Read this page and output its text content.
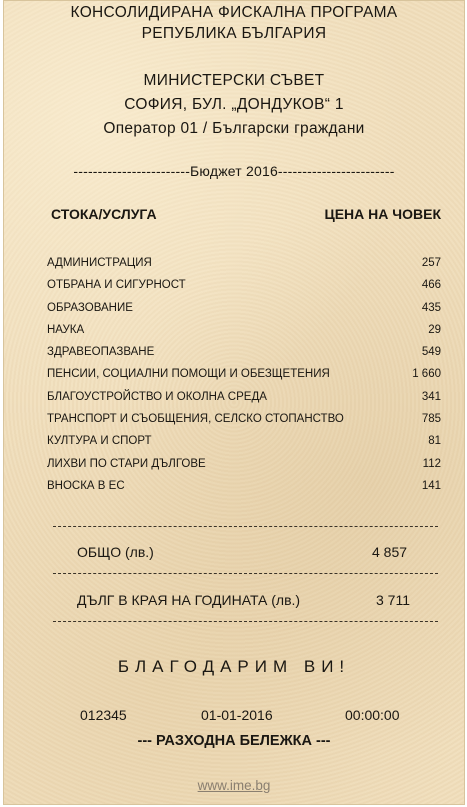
КОНСОЛИДИРАНА ФИСКАЛНА ПРОГРАМА
РЕПУБЛИКА БЪЛГАРИЯ
МИНИСТЕРСКИ СЪВЕТ
СОФИЯ, БУЛ. „ДОНДУКОВ“ 1
Оператор 01 / Български граждани
------------------------Бюджет 2016------------------------
СТОКА/УСЛУГА	ЦЕНА НА ЧОВЕК
АДМИНИСТРАЦИЯ	257
ОТБРАНА И СИГУРНОСТ	466
ОБРАЗОВАНИЕ	435
НАУКА	29
ЗДРАВЕОПАЗВАНЕ	549
ПЕНСИИ, СОЦИАЛНИ ПОМОЩИ И ОБЕЗЩЕТЕНИЯ	1 660
БЛАГОУСТРОЙСТВО И ОКОЛНА СРЕДА	341
ТРАНСПОРТ И СЪОБЩЕНИЯ, СЕЛСКО СТОПАНСТВО	785
КУЛТУРА И СПОРТ	81
ЛИХВИ ПО СТАРИ ДЪЛГОВЕ	112
ВНОСКА В ЕС	141
ОБЩО (лв.)	4 857
ДЪЛГ В КРАЯ НА ГОДИНАТА (лв.)	3 711
БЛАГОДАРИМ ВИ!
012345	01-01-2016	00:00:00
--- РАЗХОДНА БЕЛЕЖКА ---
www.ime.bg
